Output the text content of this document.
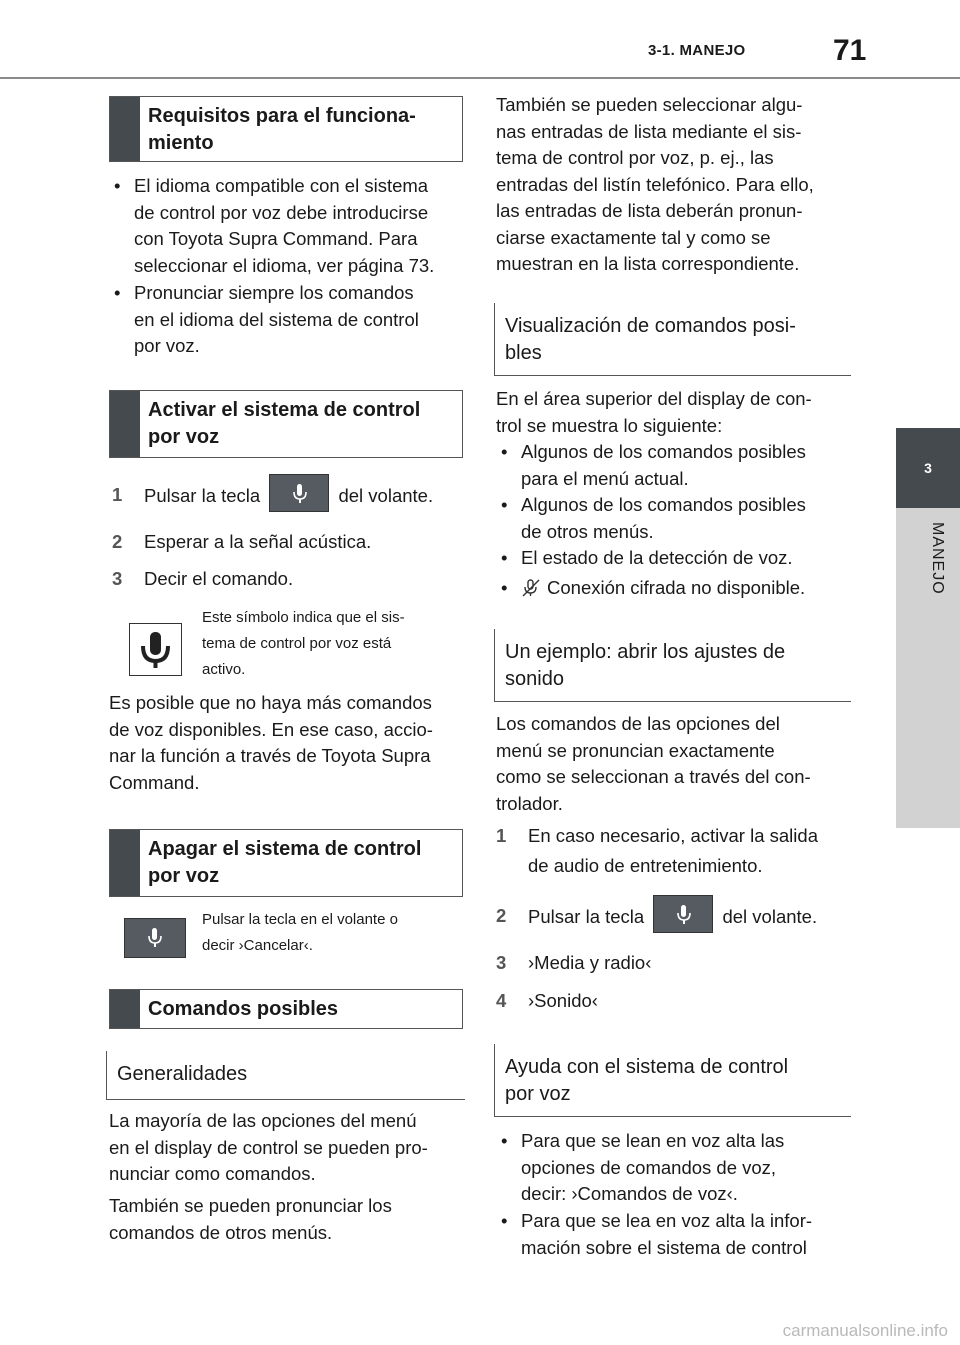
3-1. MANEJO	71
3
MANEJO
Requisitos para el funciona-
miento
• El idioma compatible con el sistema
de control por voz debe introducirse
con Toyota Supra Command. Para
seleccionar el idioma, ver página 73.
• Pronunciar siempre los comandos
en el idioma del sistema de control
por voz.
Activar el sistema de control
por voz
1 Pulsar la tecla	del volante.
2 Esperar a la señal acústica.
3 Decir el comando.
Este símbolo indica que el sis-
tema de control por voz está
activo.
Es posible que no haya más comandos
de voz disponibles. En ese caso, accio-
nar la función a través de Toyota Supra
Command.
Apagar el sistema de control
por voz
Pulsar la tecla en el volante o
decir ›Cancelar‹.
Comandos posibles
Generalidades
La mayoría de las opciones del menú
en el display de control se pueden pro-
nunciar como comandos.
También se pueden pronunciar los
comandos de otros menús.
También se pueden seleccionar algu-
nas entradas de lista mediante el sis-
tema de control por voz, p. ej., las
entradas del listín telefónico. Para ello,
las entradas de lista deberán pronun-
ciarse exactamente tal y como se
muestran en la lista correspondiente.
Visualización de comandos posi-
bles
En el área superior del display de con-
trol se muestra lo siguiente:
• Algunos de los comandos posibles
para el menú actual.
• Algunos de los comandos posibles
de otros menús.
• El estado de la detección de voz.
•	Conexión cifrada no disponible.
Un ejemplo: abrir los ajustes de
sonido
Los comandos de las opciones del
menú se pronuncian exactamente
como se seleccionan a través del con-
trolador.
1 En caso necesario, activar la salida
de audio de entretenimiento.
2 Pulsar la tecla	del volante.
3 ›Media y radio‹
4 ›Sonido‹
Ayuda con el sistema de control
por voz
• Para que se lean en voz alta las
opciones de comandos de voz,
decir: ›Comandos de voz‹.
• Para que se lea en voz alta la infor-
mación sobre el sistema de control
carmanualsonline.info
